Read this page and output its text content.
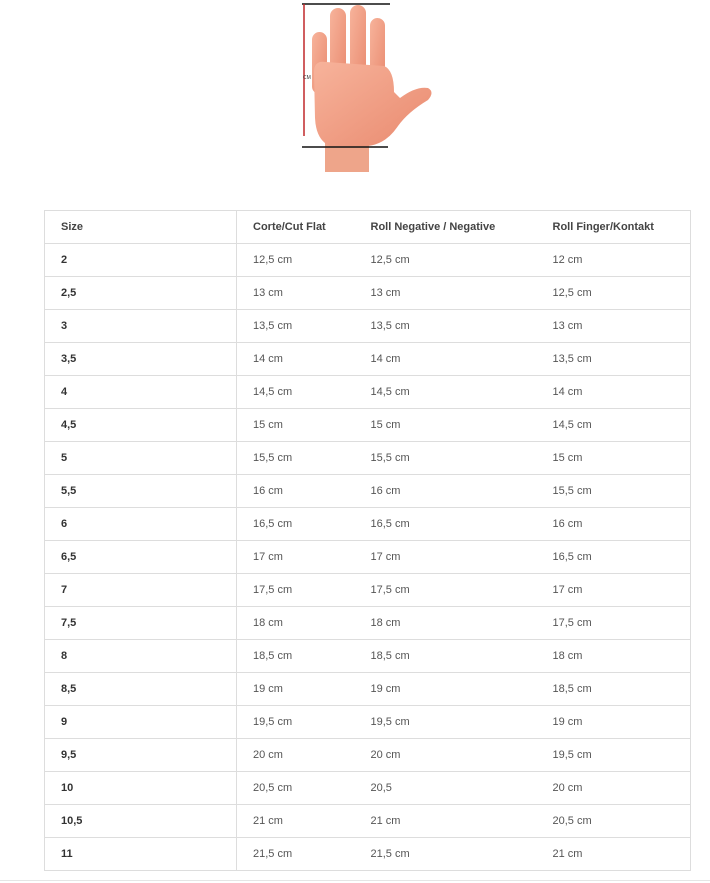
CM
Size	Corte/Cut Flat	Roll Negative / Negative	Roll Finger/Kontakt
2	12,5 cm	12,5 cm	12 cm
2,5	13 cm	13 cm	12,5 cm
3	13,5 cm	13,5 cm	13 cm
3,5	14 cm	14 cm	13,5 cm
4	14,5 cm	14,5 cm	14 cm
4,5	15 cm	15 cm	14,5 cm
5	15,5 cm	15,5 cm	15 cm
5,5	16 cm	16 cm	15,5 cm
6	16,5 cm	16,5 cm	16 cm
6,5	17 cm	17 cm	16,5 cm
7	17,5 cm	17,5 cm	17 cm
7,5	18 cm	18 cm	17,5 cm
8	18,5 cm	18,5 cm	18 cm
8,5	19 cm	19 cm	18,5 cm
9	19,5 cm	19,5 cm	19 cm
9,5	20 cm	20 cm	19,5 cm
10	20,5 cm	20,5	20 cm
10,5	21 cm	21 cm	20,5 cm
11	21,5 cm	21,5 cm	21 cm
